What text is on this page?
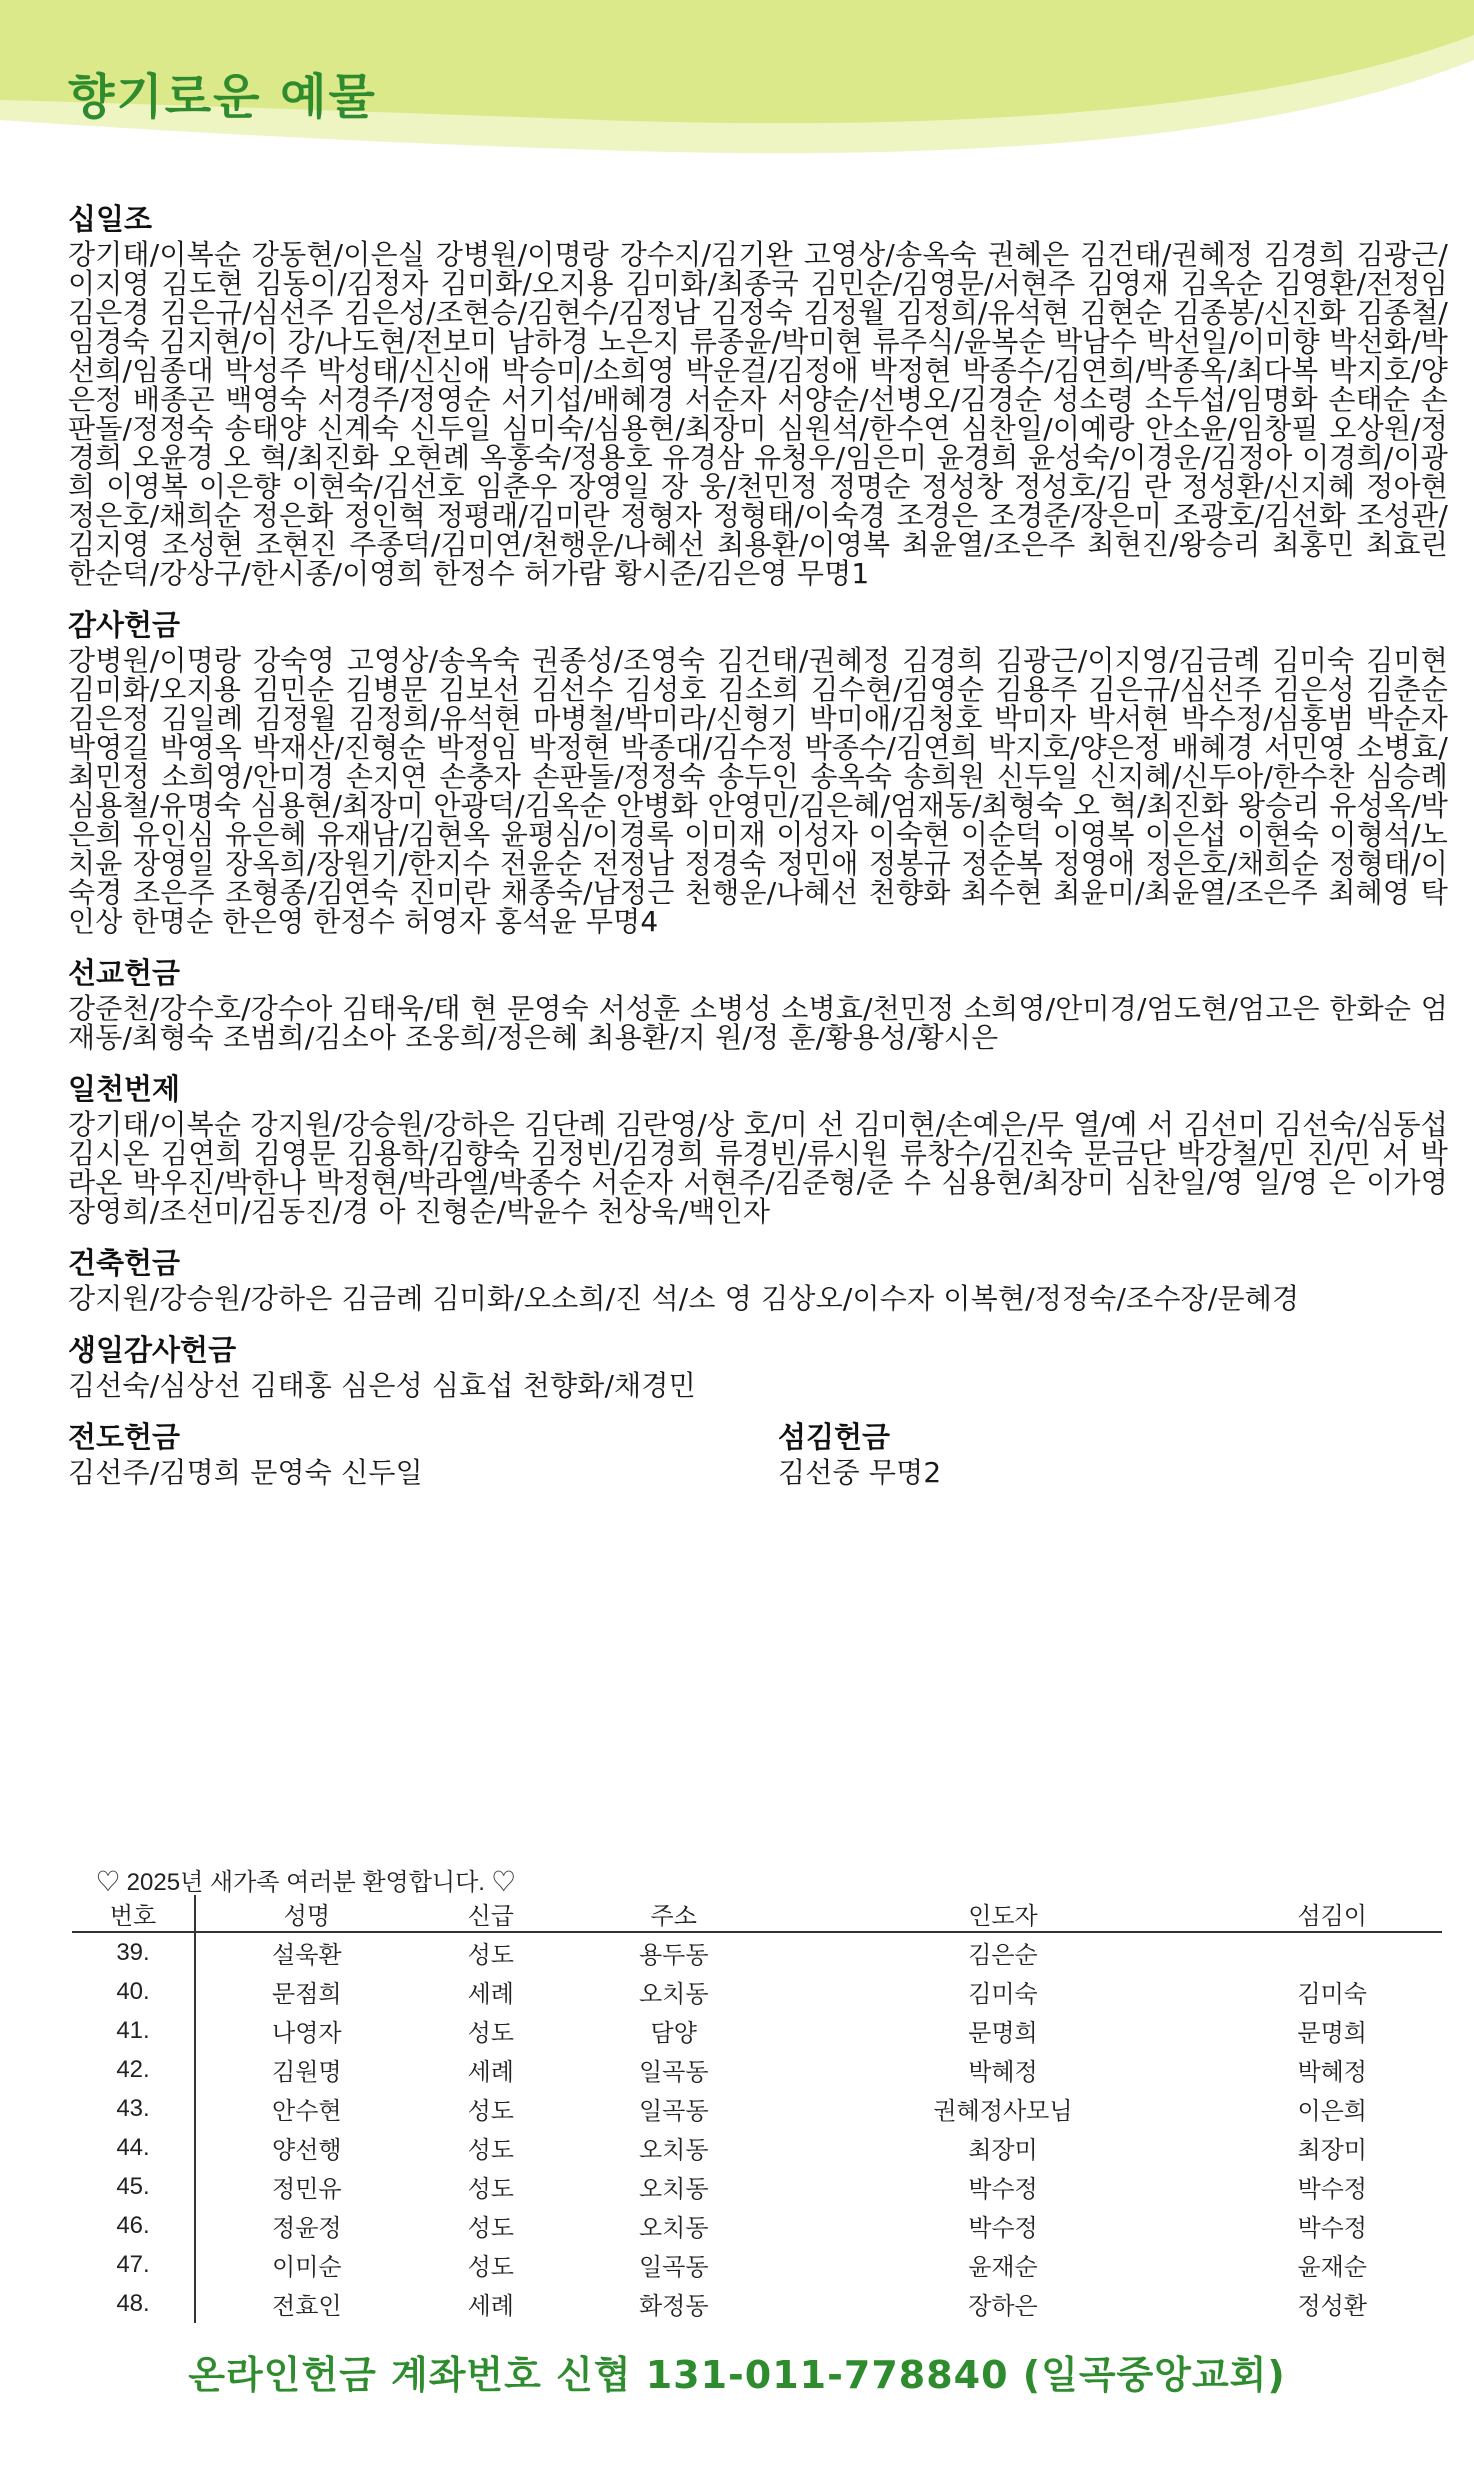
향기로운 예물
십일조

강기태/이복순 강동현/이은실 강병원/이명랑 강수지/김기완 고영상/송옥숙 권혜은 김건태/권혜정 김경희 김광근/이지영 김도현 김동이/김정자 김미화/오지용 김미화/최종국 김민순/김영문/서현주 김영재 김옥순 김영환/전정임 김은경 김은규/심선주 김은성/조현승/김현수/김정남 김정숙 김정월 김정희/유석현 김현순 김종봉/신진화 김종철/임경숙 김지현/이 강/나도현/전보미 남하경 노은지 류종윤/박미현 류주식/윤복순 박남수 박선일/이미향 박선화/박선희/임종대 박성주 박성태/신신애 박승미/소희영 박운걸/김정애 박정현 박종수/김연희/박종옥/최다복 박지호/양은정 배종곤 백영숙 서경주/정영순 서기섭/배혜경 서순자 서양순/선병오/김경순 성소령 소두섭/임명화 손태순 손판돌/정정숙 송태양 신계숙 신두일 심미숙/심용현/최장미 심원석/한수연 심찬일/이예랑 안소윤/임창필 오상원/정경희 오윤경 오 혁/최진화 오현례 옥홍숙/정용호 유경삼 유청우/임은미 윤경희 윤성숙/이경운/김정아 이경희/이광희 이영복 이은향 이현숙/김선호 임춘우 장영일 장 웅/천민정 정명순 정성창 정성호/김 란 정성환/신지혜 정아현 정은호/채희순 정은화 정인혁 정평래/김미란 정형자 정형태/이숙경 조경은 조경준/장은미 조광호/김선화 조성관/김지영 조성현 조현진 주종덕/김미연/천행운/나혜선 최용환/이영복 최윤열/조은주 최현진/왕승리 최홍민 최효린 한순덕/강상구/한시종/이영희 한정수 허가람 황시준/김은영 무명1

감사헌금

강병원/이명랑 강숙영 고영상/송옥숙 권종성/조영숙 김건태/권혜정 김경희 김광근/이지영/김금례 김미숙 김미현 김미화/오지용 김민순 김병문 김보선 김선수 김성호 김소희 김수현/김영순 김용주 김은규/심선주 김은성 김춘순 김은정 김일례 김정월 김정희/유석현 마병철/박미라/신형기 박미애/김청호 박미자 박서현 박수정/심홍범 박순자 박영길 박영옥 박재산/진형순 박정임 박정현 박종대/김수정 박종수/김연희 박지호/양은정 배혜경 서민영 소병효/최민정 소희영/안미경 손지연 손충자 손판돌/정정숙 송두인 송옥숙 송희원 신두일 신지혜/신두아/한수찬 심승례 심용철/유명숙 심용현/최장미 안광덕/김옥순 안병화 안영민/김은혜/엄재동/최형숙 오 혁/최진화 왕승리 유성옥/박은희 유인심 유은혜 유재남/김현옥 윤평심/이경록 이미재 이성자 이숙현 이순덕 이영복 이은섭 이현숙 이형석/노치윤 장영일 장옥희/장원기/한지수 전윤순 전정남 정경숙 정민애 정봉규 정순복 정영애 정은호/채희순 정형태/이숙경 조은주 조형종/김연숙 진미란 채종숙/남정근 천행운/나혜선 천향화 최수현 최윤미/최윤열/조은주 최혜영 탁인상 한명순 한은영 한정수 허영자 홍석윤 무명4

선교헌금

강준천/강수호/강수아 김태욱/태 현 문영숙 서성훈 소병성 소병효/천민정 소희영/안미경/엄도현/엄고은 한화순 엄재동/최형숙 조범희/김소아 조웅희/정은혜 최용환/지 원/정 훈/황용성/황시은

일천번제

강기태/이복순 강지원/강승원/강하은 김단례 김란영/상 호/미 선 김미현/손예은/무 열/예 서 김선미 김선숙/심동섭 김시온 김연희 김영문 김용학/김향숙 김정빈/김경희 류경빈/류시원 류창수/김진숙 문금단 박강철/민 진/민 서 박라온 박우진/박한나 박정현/박라엘/박종수 서순자 서현주/김준형/준 수 심용현/최장미 심찬일/영 일/영 은 이가영 장영희/조선미/김동진/경 아 진형순/박윤수 천상욱/백인자

건축헌금

강지원/강승원/강하은 김금례 김미화/오소희/진 석/소 영 김상오/이수자 이복현/정정숙/조수장/문혜경

생일감사헌금

김선숙/심상선 김태홍 심은성 심효섭 천향화/채경민

전도헌금

김선주/김명희 문영숙 신두일

섬김헌금

김선중 무명2

♡ 2025년 새가족 여러분 환영합니다. ♡
번호	성명	신급	주소	인도자	섬김이
39.	설욱환	성도	용두동	김은순	
40.	문점희	세례	오치동	김미숙	김미숙
41.	나영자	성도	담양	문명희	문명희
42.	김원명	세례	일곡동	박혜정	박혜정
43.	안수현	성도	일곡동	권혜정사모님	이은희
44.	양선행	성도	오치동	최장미	최장미
45.	정민유	성도	오치동	박수정	박수정
46.	정윤정	성도	오치동	박수정	박수정
47.	이미순	성도	일곡동	윤재순	윤재순
48.	전효인	세례	화정동	장하은	정성환

온라인헌금 계좌번호 신협 131-011-778840 (일곡중앙교회)
